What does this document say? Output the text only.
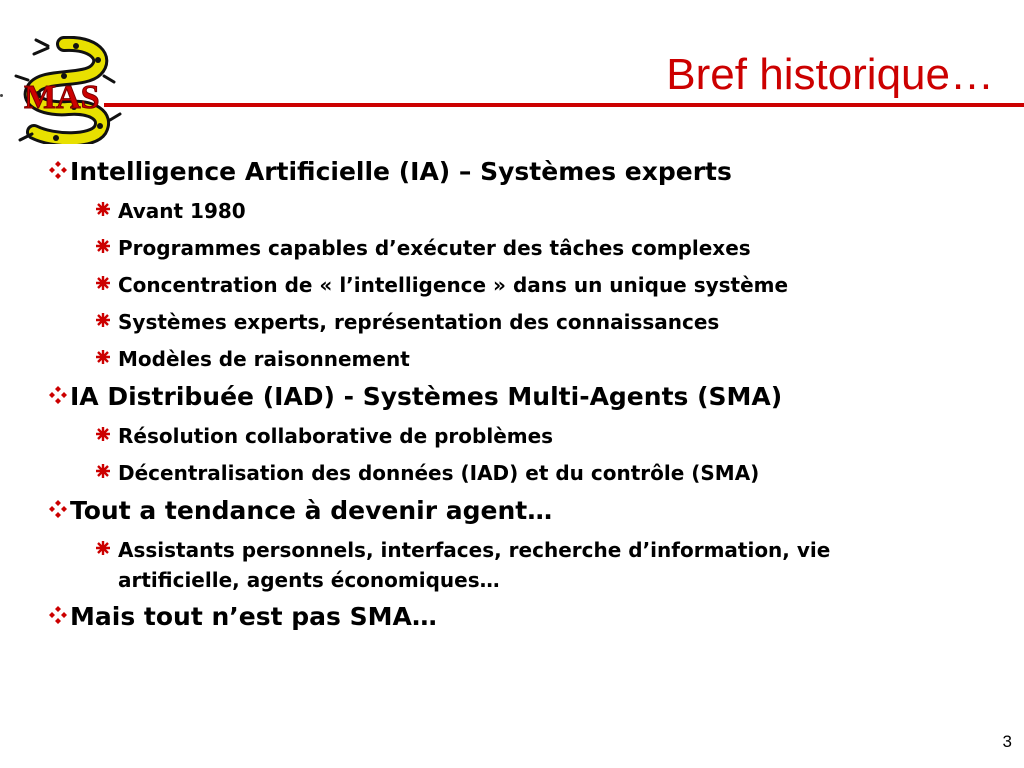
MAS	Bref historique…
Intelligence Artificielle (IA) – Systèmes experts
Avant 1980
Programmes capables d’exécuter des tâches complexes
Concentration de « l’intelligence » dans un unique système
Systèmes experts, représentation des connaissances
Modèles de raisonnement
IA Distribuée (IAD) - Systèmes Multi-Agents (SMA)
Résolution collaborative de problèmes
Décentralisation des données (IAD) et du contrôle (SMA)
Tout a tendance à devenir agent…
Assistants personnels, interfaces, recherche d’information, vie artificielle, agents économiques…
Mais tout n’est pas SMA…
3
